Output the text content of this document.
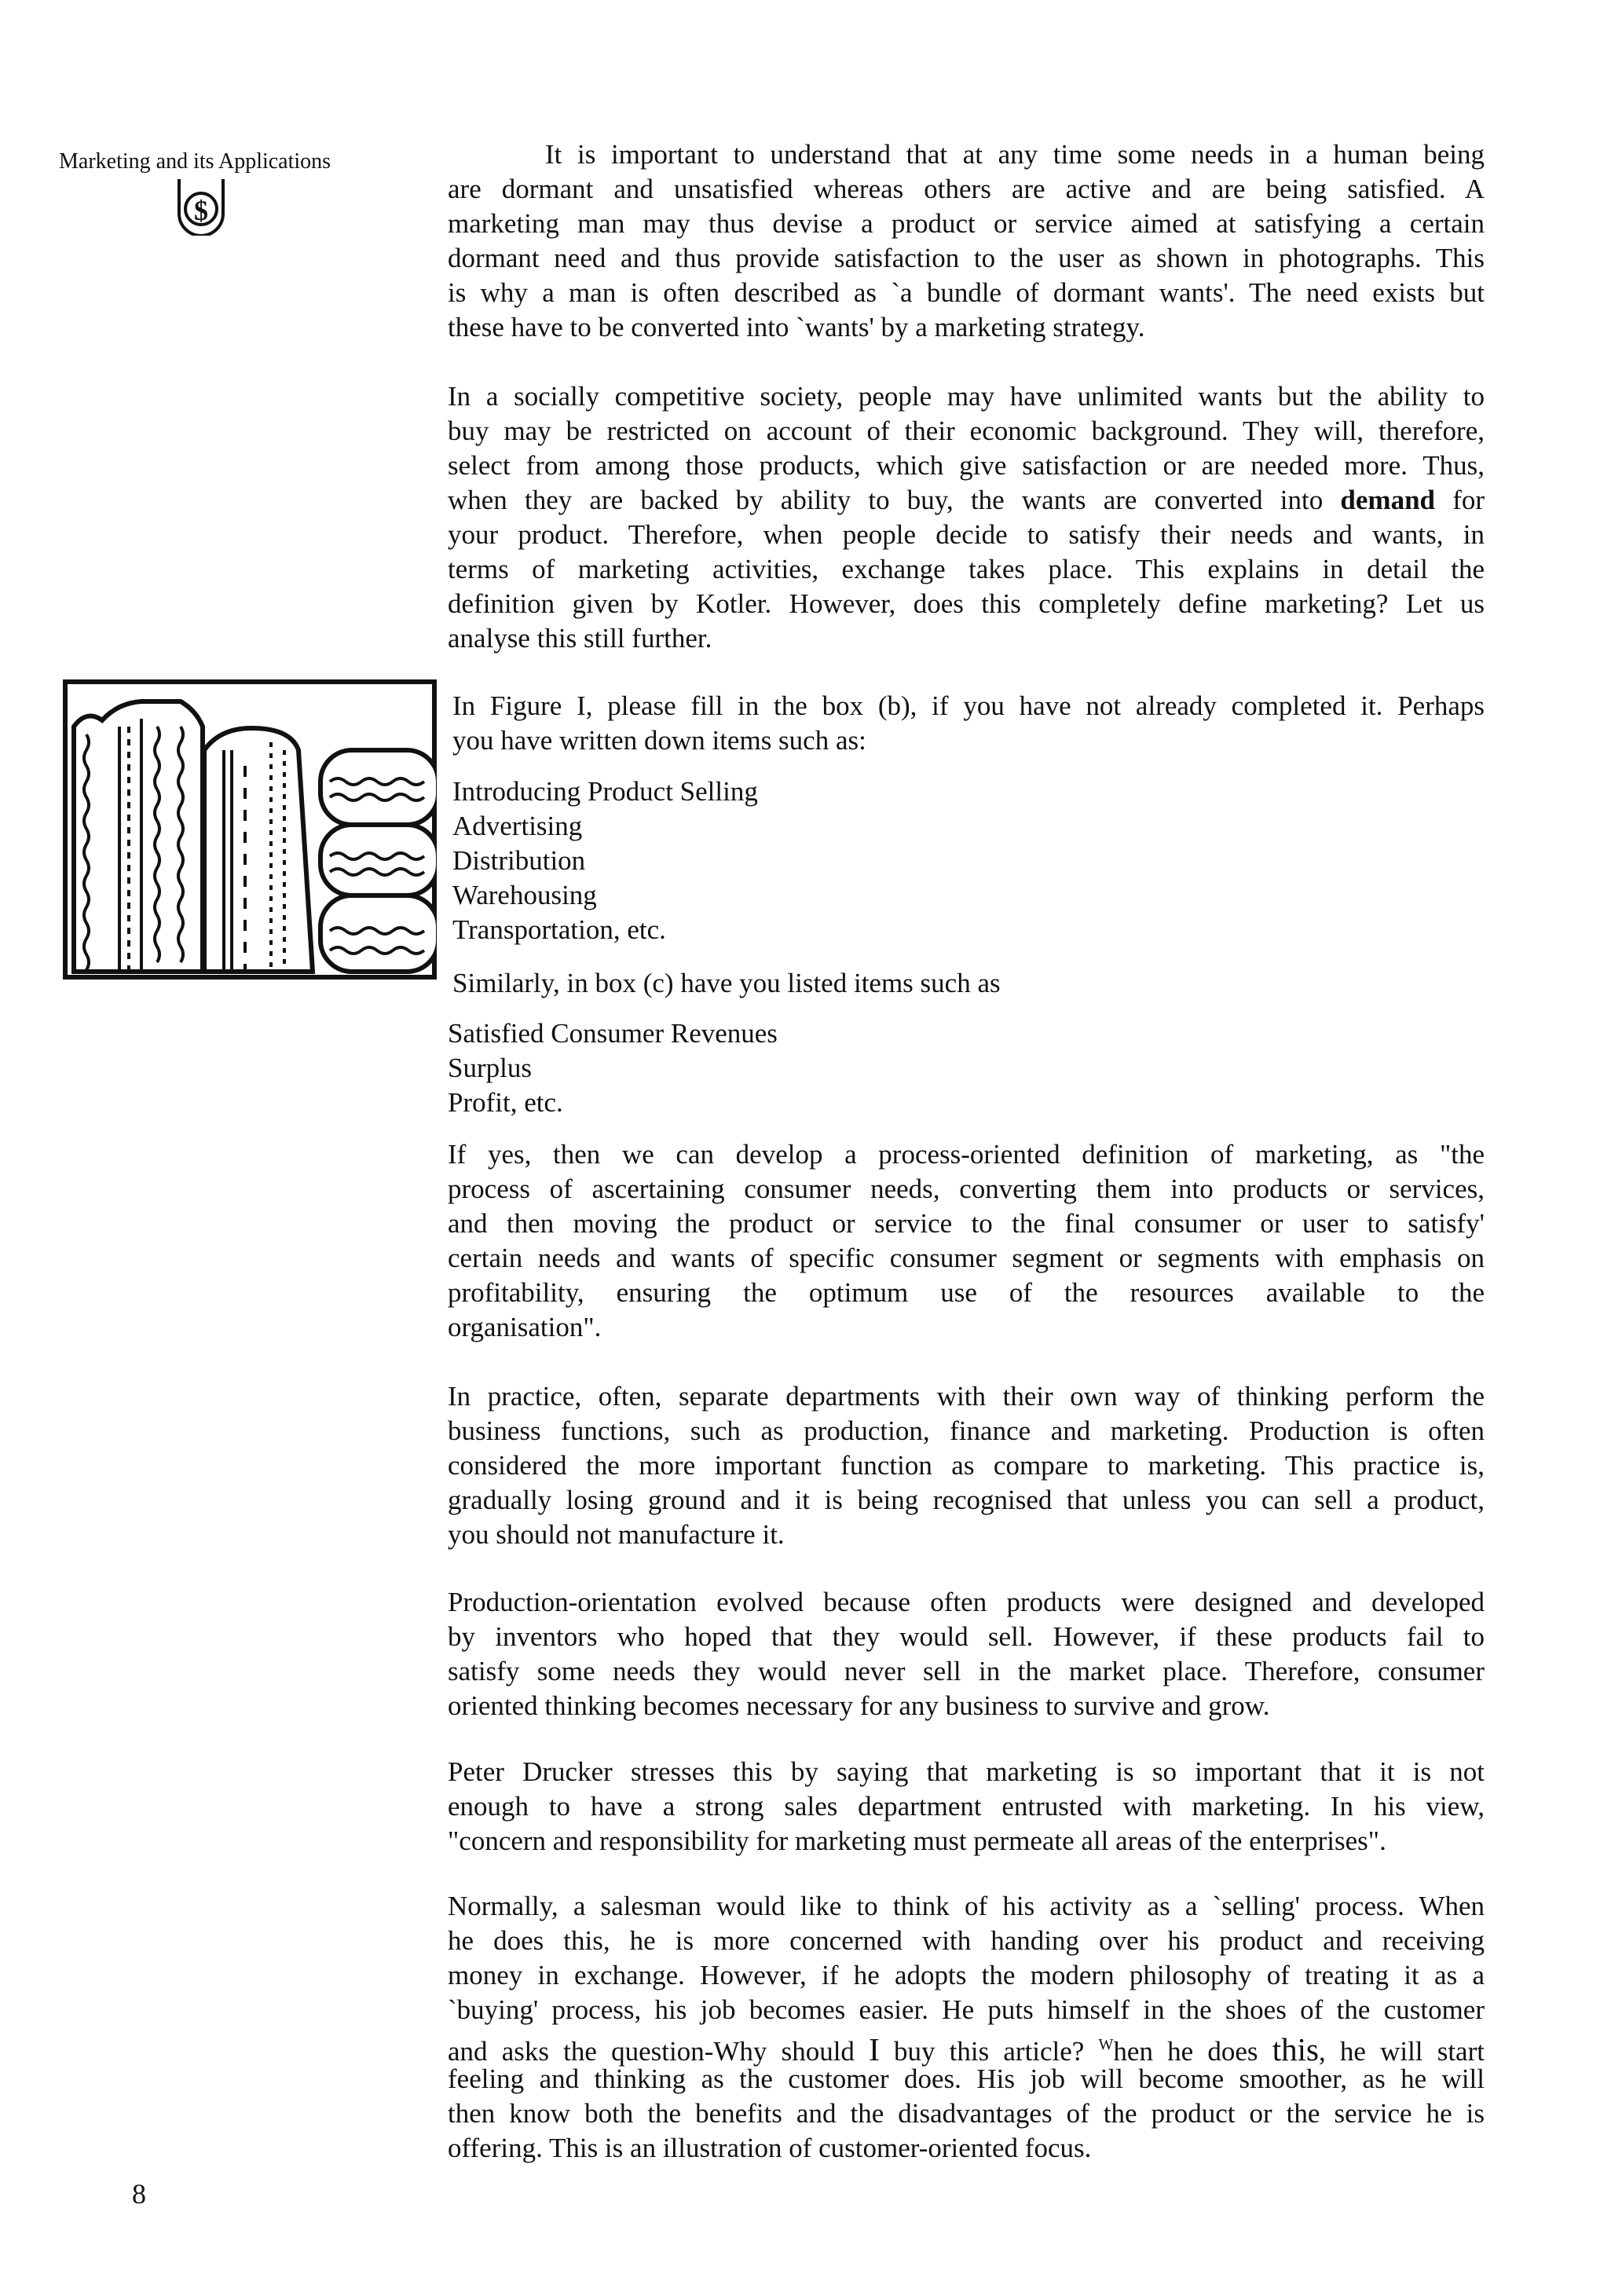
Marketing and its Applications
$
It is important to understand that at any time some needs in a human being
are dormant and unsatisfied whereas others are active and are being satisfied. A
marketing man may thus devise a product or service aimed at satisfying a certain
dormant need and thus provide satisfaction to the user as shown in photographs. This
is why a man is often described as `a bundle of dormant wants'. The need exists but
these have to be converted into `wants' by a marketing strategy.
In a socially competitive society, people may have unlimited wants but the ability to
buy may be restricted on account of their economic background. They will, therefore,
select from among those products, which give satisfaction or are needed more. Thus,
when they are backed by ability to buy, the wants are converted into demand for
your product. Therefore, when people decide to satisfy their needs and wants, in
terms of marketing activities, exchange takes place. This explains in detail the
definition given by Kotler. However, does this completely define marketing? Let us
analyse this still further.
In Figure I, please fill in the box (b), if you have not already completed it. Perhaps
you have written down items such as:
Introducing Product Selling
Advertising
Distribution
Warehousing
Transportation, etc.
Similarly, in box (c) have you listed items such as
Satisfied Consumer Revenues
Surplus
Profit, etc.
If yes, then we can develop a process-oriented definition of marketing, as "the
process of ascertaining consumer needs, converting them into products or services,
and then moving the product or service to the final consumer or user to satisfy'
certain needs and wants of specific consumer segment or segments with emphasis on
profitability, ensuring the optimum use of the resources available to the
organisation".
In practice, often, separate departments with their own way of thinking perform the
business functions, such as production, finance and marketing. Production is often
considered the more important function as compare to marketing. This practice is,
gradually losing ground and it is being recognised that unless you can sell a product,
you should not manufacture it.
Production-orientation evolved because often products were designed and developed
by inventors who hoped that they would sell. However, if these products fail to
satisfy some needs they would never sell in the market place. Therefore, consumer
oriented thinking becomes necessary for any business to survive and grow.
Peter Drucker stresses this by saying that marketing is so important that it is not
enough to have a strong sales department entrusted with marketing. In his view,
"concern and responsibility for marketing must permeate all areas of the enterprises".
Normally, a salesman would like to think of his activity as a `selling' process. When
he does this, he is more concerned with handing over his product and receiving
money in exchange. However, if he adopts the modern philosophy of treating it as a
`buying' process, his job becomes easier. He puts himself in the shoes of the customer
and asks the question-Why should I buy this article? $^W$hen he does this, he will start
feeling and thinking as the customer does. His job will become smoother, as he will
then know both the benefits and the disadvantages of the product or the service he is
offering. This is an illustration of customer-oriented focus.
8
